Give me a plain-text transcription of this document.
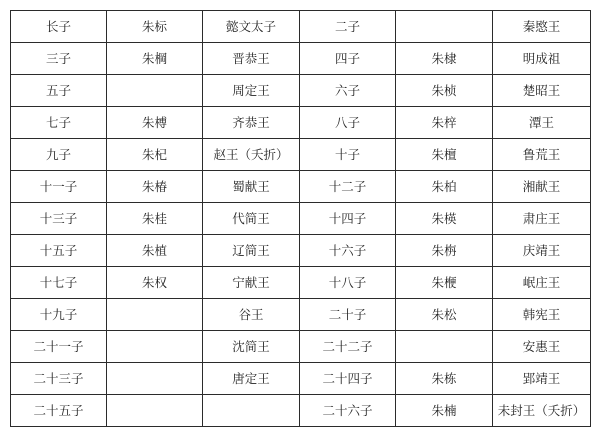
长子	朱标	懿文太子	二子		秦愍王
三子	朱棡	晋恭王	四子	朱棣	明成祖
五子		周定王	六子	朱桢	楚昭王
七子	朱榑	齐恭王	八子	朱梓	潭王
九子	朱杞	赵王（夭折）	十子	朱檀	鲁荒王
十一子	朱椿	蜀献王	十二子	朱柏	湘献王
十三子	朱桂	代简王	十四子	朱楧	肃庄王
十五子	朱植	辽简王	十六子	朱栴	庆靖王
十七子	朱权	宁献王	十八子	朱楩	岷庄王
十九子		谷王	二十子	朱松	韩宪王
二十一子		沈简王	二十二子		安惠王
二十三子		唐定王	二十四子	朱栋	郢靖王
二十五子			二十六子	朱楠	未封王（夭折）
